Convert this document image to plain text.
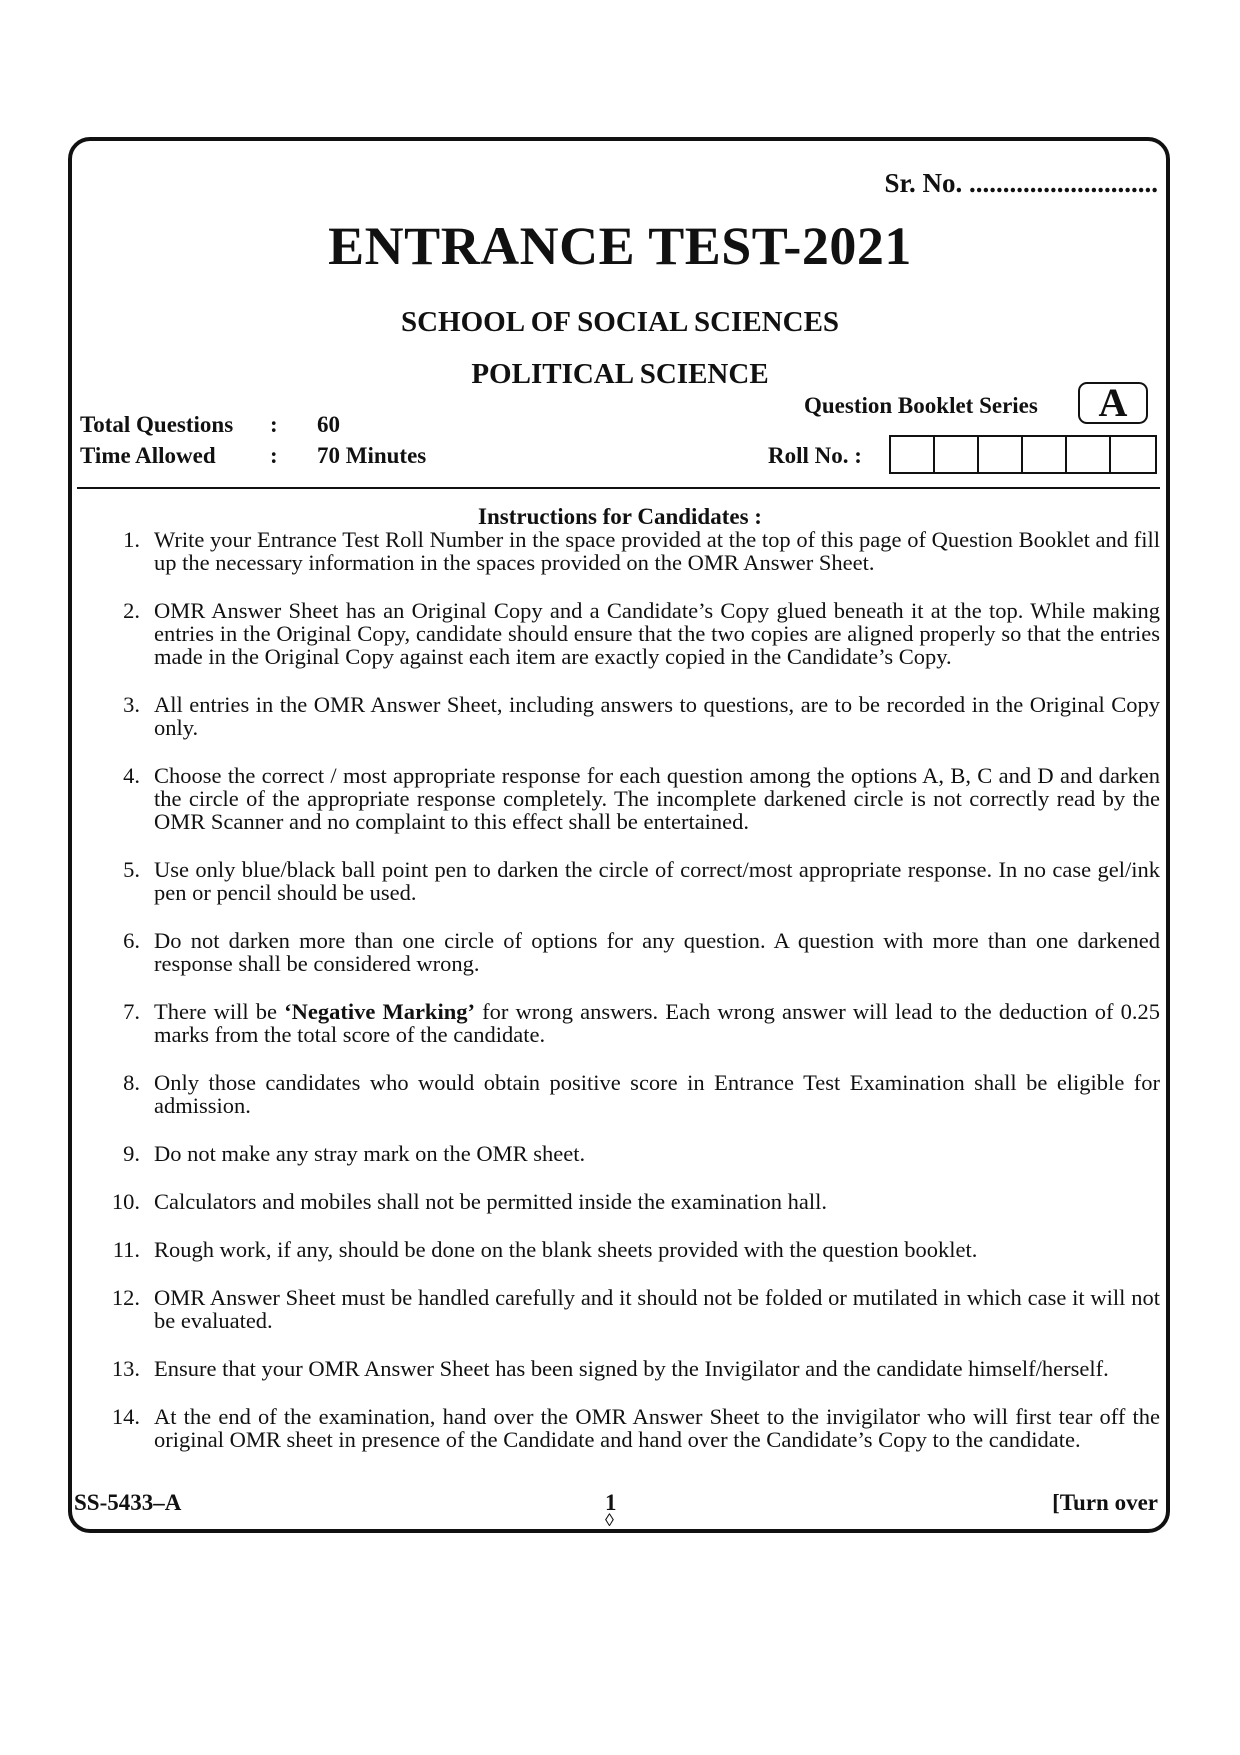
Sr. No. ............................
ENTRANCE TEST-2021
SCHOOL OF SOCIAL SCIENCES
POLITICAL SCIENCE
Total Questions : 60
Time Allowed : 70 Minutes
Question Booklet Series	A
Roll No. :
Instructions for Candidates :
1. Write your Entrance Test Roll Number in the space provided at the top of this page of Question Booklet and fill up the necessary information in the spaces provided on the OMR Answer Sheet.
2. OMR Answer Sheet has an Original Copy and a Candidate’s Copy glued beneath it at the top. While making entries in the Original Copy, candidate should ensure that the two copies are aligned properly so that the entries made in the Original Copy against each item are exactly copied in the Candidate’s Copy.
3. All entries in the OMR Answer Sheet, including answers to questions, are to be recorded in the Original Copy only.
4. Choose the correct / most appropriate response for each question among the options A, B, C and D and darken the circle of the appropriate response completely. The incomplete darkened circle is not correctly read by the OMR Scanner and no complaint to this effect shall be entertained.
5. Use only blue/black ball point pen to darken the circle of correct/most appropriate response. In no case gel/ink pen or pencil should be used.
6. Do not darken more than one circle of options for any question. A question with more than one darkened response shall be considered wrong.
7. There will be ‘Negative Marking’ for wrong answers. Each wrong answer will lead to the deduction of 0.25 marks from the total score of the candidate.
8. Only those candidates who would obtain positive score in Entrance Test Examination shall be eligible for admission.
9. Do not make any stray mark on the OMR sheet.
10. Calculators and mobiles shall not be permitted inside the examination hall.
11. Rough work, if any, should be done on the blank sheets provided with the question booklet.
12. OMR Answer Sheet must be handled carefully and it should not be folded or mutilated in which case it will not be evaluated.
13. Ensure that your OMR Answer Sheet has been signed by the Invigilator and the candidate himself/herself.
14. At the end of the examination, hand over the OMR Answer Sheet to the invigilator who will first tear off the original OMR sheet in presence of the Candidate and hand over the Candidate’s Copy to the candidate.
SS-5433–A	1
◊
[Turn over
